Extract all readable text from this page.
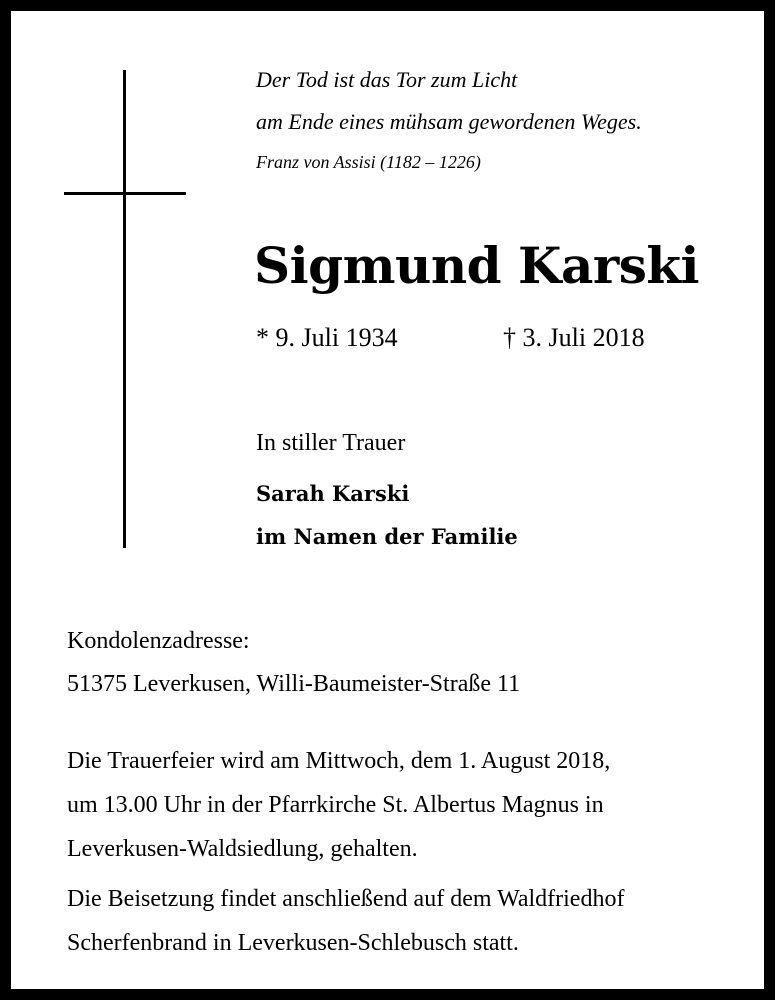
Der Tod ist das Tor zum Licht
am Ende eines mühsam gewordenen Weges.
Franz von Assisi (1182 – 1226)
Sigmund Karski
* 9. Juli 1934	† 3. Juli 2018
In stiller Trauer
Sarah Karski
im Namen der Familie
Kondolenzadresse:
51375 Leverkusen, Willi-Baumeister-Straße 11
Die Trauerfeier wird am Mittwoch, dem 1. August 2018,
um 13.00 Uhr in der Pfarrkirche St. Albertus Magnus in
Leverkusen-Waldsiedlung, gehalten.
Die Beisetzung findet anschließend auf dem Waldfriedhof
Scherfenbrand in Leverkusen-Schlebusch statt.
